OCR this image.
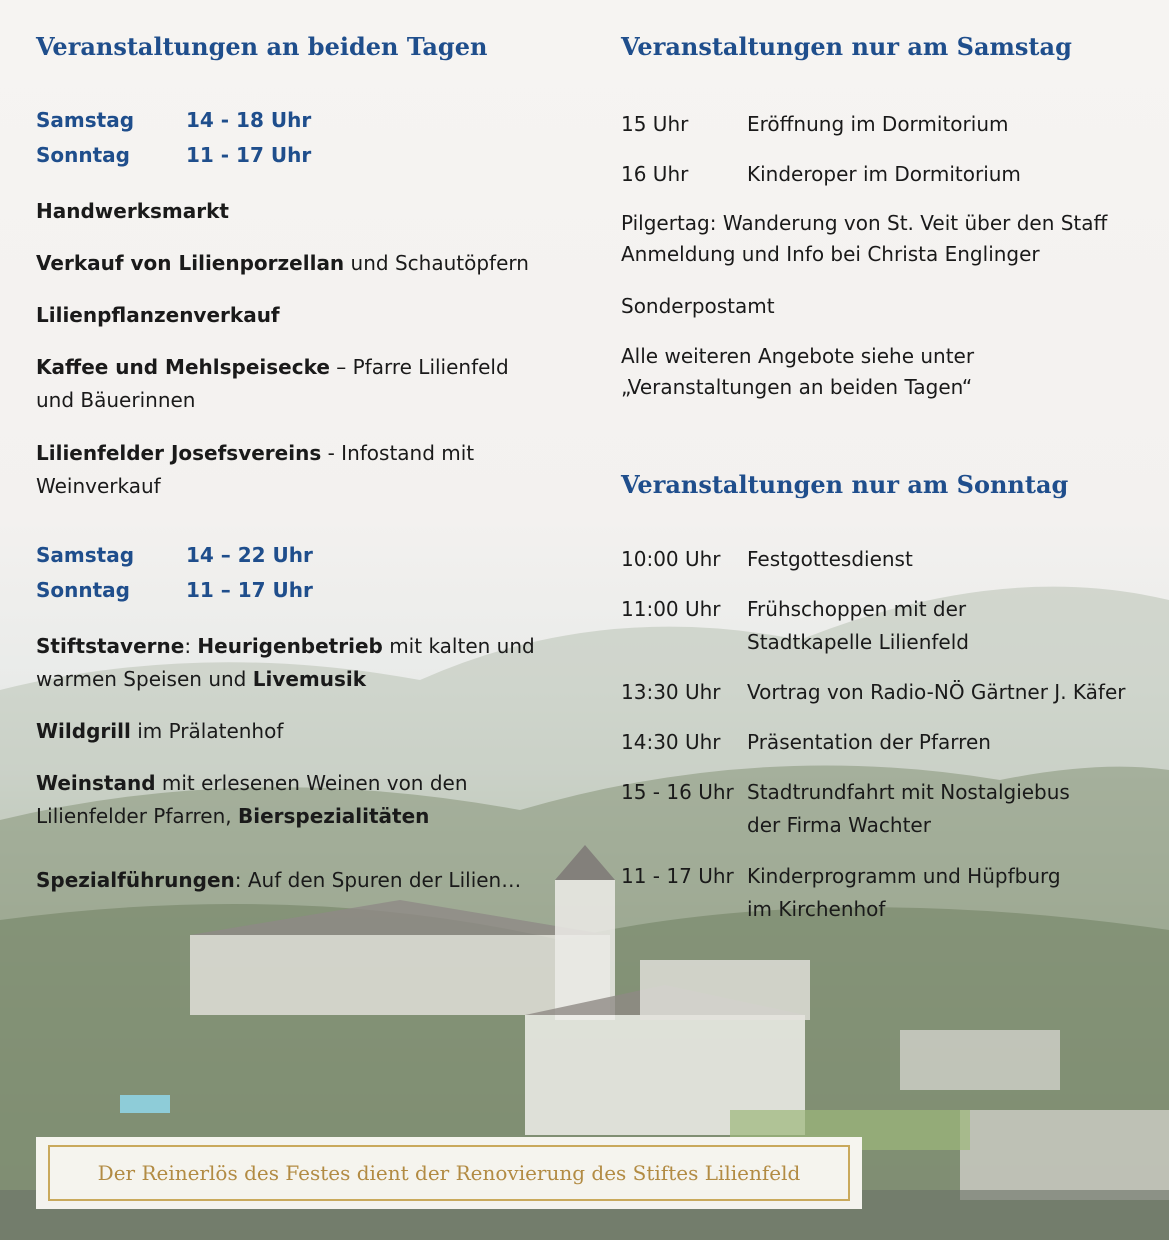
Veranstaltungen an beiden Tagen
Samstag	14 - 18 Uhr
Sonntag	11 - 17 Uhr

Handwerksmarkt

Verkauf von Lilienporzellan und Schautöpfern

Lilienpflanzenverkauf

Kaffee und Mehlspeisecke – Pfarre Lilienfeld
und Bäuerinnen

Lilienfelder Josefsvereins - Infostand mit
Weinverkauf

Samstag	14 – 22 Uhr
Sonntag	11 – 17 Uhr

Stiftstaverne: Heurigenbetrieb mit kalten und
warmen Speisen und Livemusik

Wildgrill im Prälatenhof

Weinstand mit erlesenen Weinen von den
Lilienfelder Pfarren, Bierspezialitäten

Spezialführungen: Auf den Spuren der Lilien…

Veranstaltungen nur am Samstag
15 Uhr	Eröffnung im Dormitorium
16 Uhr	Kinderoper im Dormitorium
Pilgertag: Wanderung von St. Veit über den Staff
Anmeldung und Info bei Christa Englinger
Sonderpostamt
Alle weiteren Angebote siehe unter
„Veranstaltungen an beiden Tagen“
Veranstaltungen nur am Sonntag
10:00 Uhr	Festgottesdienst
11:00 Uhr	Frühschoppen mit der
Stadtkapelle Lilienfeld
13:30 Uhr	Vortrag von Radio-NÖ Gärtner J. Käfer
14:30 Uhr	Präsentation der Pfarren
15 - 16 Uhr Stadtrundfahrt mit Nostalgiebus
der Firma Wachter
11 - 17 Uhr Kinderprogramm und Hüpfburg
im Kirchenhof
Der Reinerlös des Festes dient der Renovierung des Stiftes Lilienfeld
